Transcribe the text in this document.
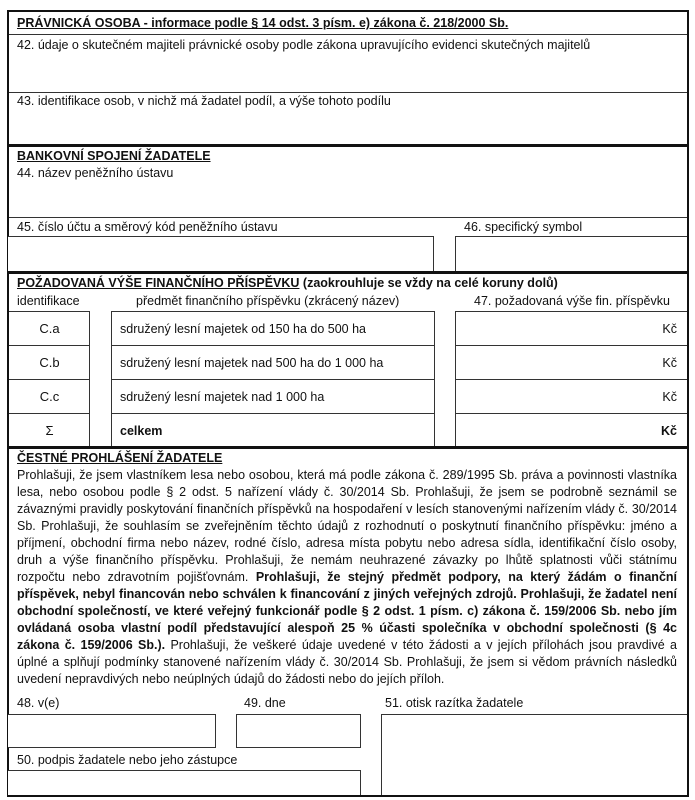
PRÁVNICKÁ OSOBA - informace podle § 14 odst. 3 písm. e) zákona č. 218/2000 Sb.
42. údaje o skutečném majiteli právnické osoby podle zákona upravujícího evidenci skutečných majitelů
43. identifikace osob, v nichž má žadatel podíl, a výše tohoto podílu
BANKOVNÍ SPOJENÍ ŽADATELE
44. název peněžního ústavu
45. číslo účtu a směrový kód peněžního ústavu	46. specifický symbol
POŽADOVANÁ VÝŠE FINANČNÍHO PŘÍSPĚVKU (zaokrouhluje se vždy na celé koruny dolů)
identifikace	předmět finančního příspěvku (zkrácený název)	47. požadovaná výše fin. příspěvku
C.a	sdružený lesní majetek od 150 ha do 500 ha	Kč
C.b	sdružený lesní majetek nad 500 ha do 1 000 ha	Kč
C.c	sdružený lesní majetek nad 1 000 ha	Kč
Σ	celkem	Kč
ČESTNÉ PROHLÁŠENÍ ŽADATELE
Prohlašuji, že jsem vlastníkem lesa nebo osobou, která má podle zákona č. 289/1995 Sb. práva a povinnosti vlastníka lesa, nebo osobou podle § 2 odst. 5 nařízení vlády č. 30/2014 Sb. Prohlašuji, že jsem se podrobně seznámil se závaznými pravidly poskytování finančních příspěvků na hospodaření v lesích stanovenými nařízením vlády č. 30/2014 Sb. Prohlašuji, že souhlasím se zveřejněním těchto údajů z rozhodnutí o poskytnutí finančního příspěvku: jméno a příjmení, obchodní firma nebo název, rodné číslo, adresa místa pobytu nebo adresa sídla, identifikační číslo osoby, druh a výše finančního příspěvku. Prohlašuji, že nemám neuhrazené závazky po lhůtě splatnosti vůči státnímu rozpočtu nebo zdravotním pojišťovnám. Prohlašuji, že stejný předmět podpory, na který žádám o finanční příspěvek, nebyl financován nebo schválen k financování z jiných veřejných zdrojů. Prohlašuji, že žadatel není obchodní společností, ve které veřejný funkcionář podle § 2 odst. 1 písm. c) zákona č. 159/2006 Sb. nebo jím ovládaná osoba vlastní podíl představující alespoň 25 % účasti společníka v obchodní společnosti (§ 4c zákona č. 159/2006 Sb.). Prohlašuji, že veškeré údaje uvedené v této žádosti a v jejích přílohách jsou pravdivé a úplné a splňují podmínky stanovené nařízením vlády č. 30/2014 Sb. Prohlašuji, že jsem si vědom právních následků uvedení nepravdivých nebo neúplných údajů do žádosti nebo do jejích příloh.
48. v(e)	49. dne	51. otisk razítka žadatele
50. podpis žadatele nebo jeho zástupce
